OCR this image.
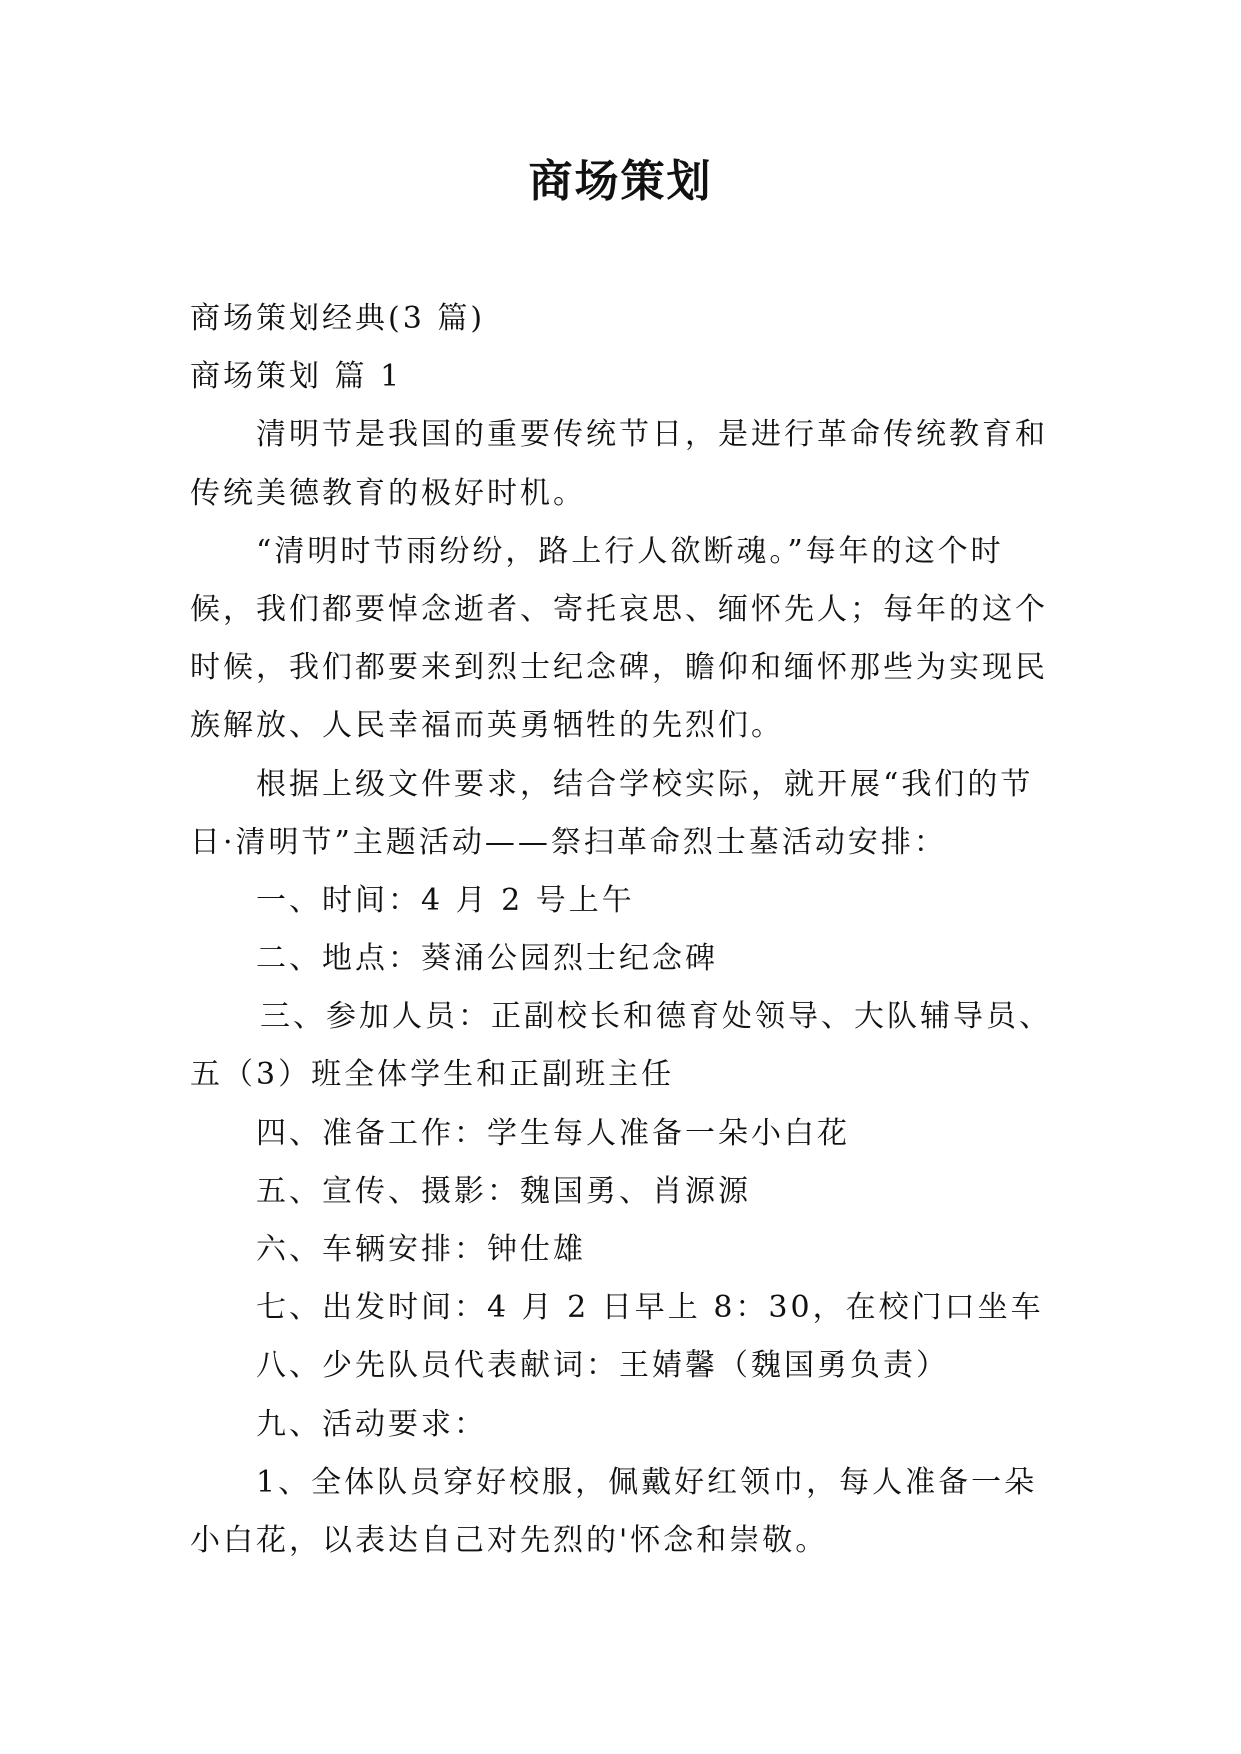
商场策划
商场策划经典(3 篇)
商场策划 篇 1
清明节是我国的重要传统节日，是进行革命传统教育和
传统美德教育的极好时机。
“清明时节雨纷纷，路上行人欲断魂。”每年的这个时
候，我们都要悼念逝者、寄托哀思、缅怀先人；每年的这个
时候，我们都要来到烈士纪念碑，瞻仰和缅怀那些为实现民
族解放、人民幸福而英勇牺牲的先烈们。
根据上级文件要求，结合学校实际，就开展“我们的节
日·清明节”主题活动——祭扫革命烈士墓活动安排：
一、时间：4 月 2 号上午
二、地点：葵涌公园烈士纪念碑
三、参加人员：正副校长和德育处领导、大队辅导员、
五（3）班全体学生和正副班主任
四、准备工作：学生每人准备一朵小白花
五、宣传、摄影：魏国勇、肖源源
六、车辆安排：钟仕雄
七、出发时间：4 月 2 日早上 8：30，在校门口坐车
八、少先队员代表献词：王婧馨（魏国勇负责）
九、活动要求：
1、全体队员穿好校服，佩戴好红领巾，每人准备一朵
小白花，以表达自己对先烈的'怀念和崇敬。
